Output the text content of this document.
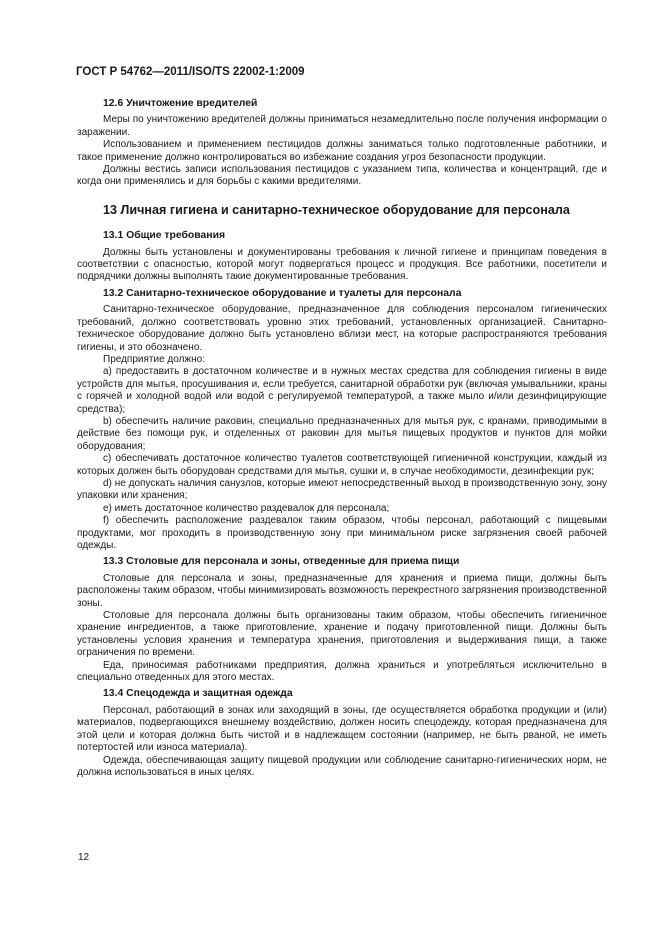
ГОСТ Р 54762—2011/ISO/TS 22002-1:2009
12.6 Уничтожение вредителей

Меры по уничтожению вредителей должны приниматься незамедлительно после получения информации о заражении.

Использованием и применением пестицидов должны заниматься только подготовленные работники, и такое применение должно контролироваться во избежание создания угроз безопасности продукции.

Должны вестись записи использования пестицидов с указанием типа, количества и концентраций, где и когда они применялись и для борьбы с какими вредителями.

13 Личная гигиена и санитарно-техническое оборудование для персонала
13.1 Общие требования

Должны быть установлены и документированы требования к личной гигиене и принципам поведения в соответствии с опасностью, которой могут подвергаться процесс и продукция. Все работники, посетители и подрядчики должны выполнять такие документированные требования.

13.2 Санитарно-техническое оборудование и туалеты для персонала

Санитарно-техническое оборудование, предназначенное для соблюдения персоналом гигиенических требований, должно соответствовать уровню этих требований, установленных организацией. Санитарно-техническое оборудование должно быть установлено вблизи мест, на которые распространяются требования гигиены, и это обозначено.

Предприятие должно:

a) предоставить в достаточном количестве и в нужных местах средства для соблюдения гигиены в виде устройств для мытья, просушивания и, если требуется, санитарной обработки рук (включая умывальники, краны с горячей и холодной водой или водой с регулируемой температурой, а также мыло и/или дезинфицирующие средства);

b) обеспечить наличие раковин, специально предназначенных для мытья рук, с кранами, приводимыми в действие без помощи рук, и отделенных от раковин для мытья пищевых продуктов и пунктов для мойки оборудования;

c) обеспечивать достаточное количество туалетов соответствующей гигиеничной конструкции, каждый из которых должен быть оборудован средствами для мытья, сушки и, в случае необходимости, дезинфекции рук;

d) не допускать наличия санузлов, которые имеют непосредственный выход в производственную зону, зону упаковки или хранения;

e) иметь достаточное количество раздевалок для персонала;

f) обеспечить расположение раздевалок таким образом, чтобы персонал, работающий с пищевыми продуктами, мог проходить в производственную зону при минимальном риске загрязнения своей рабочей одежды.

13.3 Столовые для персонала и зоны, отведенные для приема пищи

Столовые для персонала и зоны, предназначенные для хранения и приема пищи, должны быть расположены таким образом, чтобы минимизировать возможность перекрестного загрязнения производственной зоны.

Столовые для персонала должны быть организованы таким образом, чтобы обеспечить гигиеничное хранение ингредиентов, а также приготовление, хранение и подачу приготовленной пищи. Должны быть установлены условия хранения и температура хранения, приготовления и выдерживания пищи, а также ограничения по времени.

Еда, приносимая работниками предприятия, должна храниться и употребляться исключительно в специально отведенных для этого местах.

13.4 Спецодежда и защитная одежда

Персонал, работающий в зонах или заходящий в зоны, где осуществляется обработка продукции и (или) материалов, подвергающихся внешнему воздействию, должен носить спецодежду, которая предназначена для этой цели и которая должна быть чистой и в надлежащем состоянии (например, не быть рваной, не иметь потертостей или износа материала).

Одежда, обеспечивающая защиту пищевой продукции или соблюдение санитарно-гигиенических норм, не должна использоваться в иных целях.

12
